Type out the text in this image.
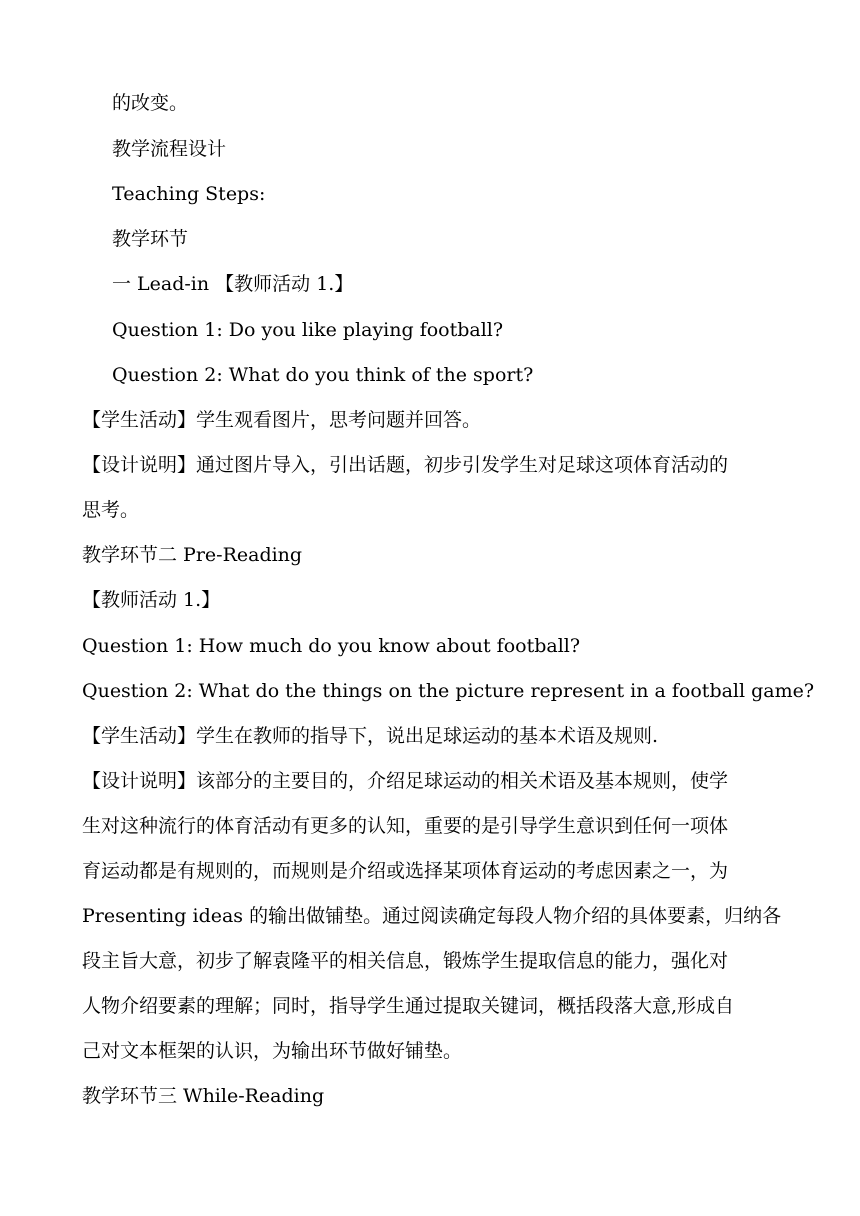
的改变。
教学流程设计
Teaching Steps:
教学环节
一 Lead-in 【教师活动 1.】
Question 1: Do you like playing football?
Question 2: What do you think of the sport?
【学生活动】学生观看图片，思考问题并回答。
【设计说明】通过图片导入，引出话题，初步引发学生对足球这项体育活动的
思考。
教学环节二 Pre-Reading
【教师活动 1.】
Question 1: How much do you know about football?
Question 2: What do the things on the picture represent in a football game?
【学生活动】学生在教师的指导下，说出足球运动的基本术语及规则.
【设计说明】该部分的主要目的，介绍足球运动的相关术语及基本规则，使学
生对这种流行的体育活动有更多的认知，重要的是引导学生意识到任何一项体
育运动都是有规则的，而规则是介绍或选择某项体育运动的考虑因素之一，为
Presenting ideas 的输出做铺垫。通过阅读确定每段人物介绍的具体要素，归纳各
段主旨大意，初步了解袁隆平的相关信息，锻炼学生提取信息的能力，强化对
人物介绍要素的理解；同时，指导学生通过提取关键词，概括段落大意,形成自
己对文本框架的认识，为输出环节做好铺垫。
教学环节三 While-Reading
